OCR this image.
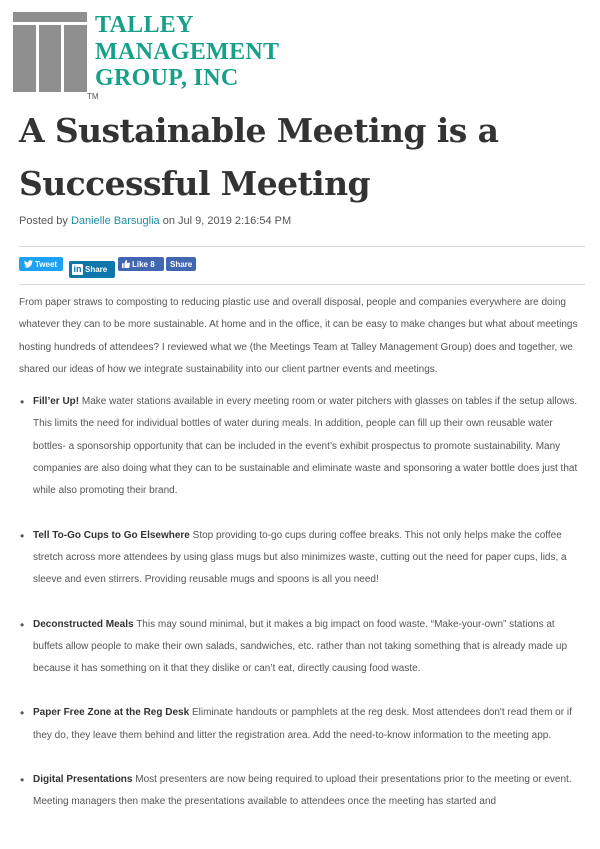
TM
TALLEY
MANAGEMENT
GROUP, INC
A Sustainable Meeting is a Successful Meeting
Posted by Danielle Barsuglia on Jul 9, 2019 2:16:54 PM
Tweet in Share
Like 8 Share

From paper straws to composting to reducing plastic use and overall disposal, people and companies everywhere are doing whatever they can to be more sustainable. At home and in the office, it can be easy to make changes but what about meetings hosting hundreds of attendees? I reviewed what we (the Meetings Team at Talley Management Group) does and together, we shared our ideas of how we integrate sustainability into our client partner events and meetings.

• Fill’er Up! Make water stations available in every meeting room or water pitchers with glasses on tables if the setup allows. This limits the need for individual bottles of water during meals. In addition, people can fill up their own reusable water bottles- a sponsorship opportunity that can be included in the event’s exhibit prospectus to promote sustainability. Many companies are also doing what they can to be sustainable and eliminate waste and sponsoring a water bottle does just that while also promoting their brand.
• Tell To-Go Cups to Go Elsewhere Stop providing to-go cups during coffee breaks. This not only helps make the coffee stretch across more attendees by using glass mugs but also minimizes waste, cutting out the need for paper cups, lids, a sleeve and even stirrers. Providing reusable mugs and spoons is all you need!
• Deconstructed Meals This may sound minimal, but it makes a big impact on food waste. “Make-your-own” stations at buffets allow people to make their own salads, sandwiches, etc. rather than not taking something that is already made up because it has something on it that they dislike or can’t eat, directly causing food waste.
• Paper Free Zone at the Reg Desk Eliminate handouts or pamphlets at the reg desk. Most attendees don't read them or if they do, they leave them behind and litter the registration area. Add the need-to-know information to the meeting app.
• Digital Presentations Most presenters are now being required to upload their presentations prior to the meeting or event. Meeting managers then make the presentations available to attendees once the meeting has started and
